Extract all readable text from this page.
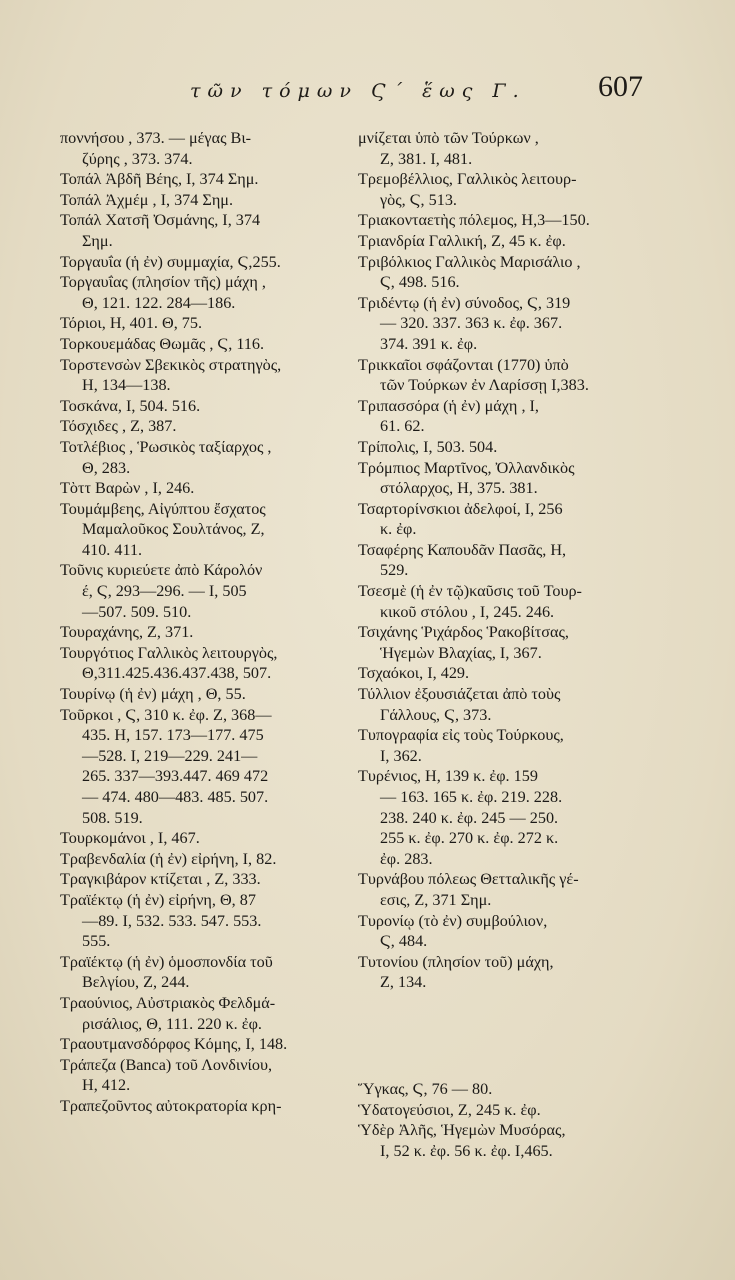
τῶν τόμων Ϛ΄ ἕως Γ. 607
ποννήσου , 373. — μέγας Βι-
ζύρης , 373. 374.
Τοπάλ Ἀβδῆ Βέης, Ι, 374 Σημ.
Τοπάλ Ἀχμέμ , Ι, 374 Σημ.
Τοπάλ Χατσῆ Ὀσμάνης, Ι, 374
Σημ.
Τοργαυΐα (ἡ ἐν) συμμαχία, Ϛ,255.
Τοργαυΐας (πλησίον τῆς) μάχη ,
Θ, 121. 122. 284—186.
Τόριοι, Η, 401. Θ, 75.
Τορκουεμάδας Θωμᾶς , Ϛ, 116.
Τορστενσὼν Σβεκικὸς στρατηγὸς,
Η, 134—138.
Τοσκάνα, Ι, 504. 516.
Τόσχιδες , Ζ, 387.
Τοτλέβιος , Ῥωσικὸς ταξίαρχος ,
Θ, 283.
Τὸττ Βαρὼν , Ι, 246.
Τουμάμβεης, Αἰγύπτου ἔσχατος
Μαμαλοῦκος Σουλτάνος, Ζ,
410. 411.
Τοῦνις κυριεύετε ἀπὸ Κάρολόν
έ, Ϛ, 293—296. — Ι, 505
—507. 509. 510.
Τουραχάνης, Ζ, 371.
Τουργότιος Γαλλικὸς λειτουργὸς,
Θ,311.425.436.437.438, 507.
Τουρίνῳ (ἡ ἐν) μάχη , Θ, 55.
Τοῦρκοι , Ϛ, 310 κ. ἐφ. Ζ, 368—
435. Η, 157. 173—177. 475
—528. Ι, 219—229. 241—
265. 337—393.447. 469 472
— 474. 480—483. 485. 507.
508. 519.
Τουρκομάνοι , Ι, 467.
Τραβενδαλία (ἡ ἐν) εἰρήνη, Ι, 82.
Τραγκιβάρον κτίζεται , Ζ, 333.
Τραϊέκτῳ (ἡ ἐν) εἰρήνη, Θ, 87
—89. Ι, 532. 533. 547. 553.
555.
Τραϊέκτῳ (ἡ ἐν) ὁμοσπονδία τοῦ
Βελγίου, Ζ, 244.
Τραούνιος, Αὐστριακὸς Φελδμά-
ρισάλιος, Θ, 111. 220 κ. ἐφ.
Τραουτμανσδόρφος Κόμης, Ι, 148.
Τράπεζα (Banca) τοῦ Λονδινίου,
Η, 412.
Τραπεζοῦντος αὐτοκρατορία κρη-
μνίζεται ὑπὸ τῶν Τούρκων ,
Ζ, 381. Ι, 481.
Τρεμοβέλλιος, Γαλλικὸς λειτουρ-
γὸς, Ϛ, 513.
Τριακονταετὴς πόλεμος, Η,3—150.
Τριανδρία Γαλλική, Ζ, 45 κ. ἐφ.
Τριβόλκιος Γαλλικὸς Μαρισάλιο ,
Ϛ, 498. 516.
Τριδέντῳ (ἡ ἐν) σύνοδος, Ϛ, 319
— 320. 337. 363 κ. ἐφ. 367.
374. 391 κ. ἐφ.
Τρικκαῖοι σφάζονται (1770) ὑπὸ
τῶν Τούρκων ἐν Λαρίσσῃ Ι,383.
Τριπασσόρα (ἡ ἐν) μάχη , Ι,
61. 62.
Τρίπολις, Ι, 503. 504.
Τρόμπιος Μαρτῖνος, Ὀλλανδικὸς
στόλαρχος, Η, 375. 381.
Τσαρτορίνσκιοι ἀδελφοί, Ι, 256
κ. ἐφ.
Τσαφέρης Καπουδᾶν Πασᾶς, Η,
529.
Τσεσμὲ (ἡ ἐν τῷ)καῦσις τοῦ Τουρ-
κικοῦ στόλου , Ι, 245. 246.
Τσιχάνης Ῥιχάρδος Ῥακοβίτσας,
Ἡγεμὼν Βλαχίας, Ι, 367.
Τσχαόκοι, Ι, 429.
Τύλλιον ἐξουσιάζεται ἀπὸ τοὺς
Γάλλους, Ϛ, 373.
Τυπογραφία εἰς τοὺς Τούρκους,
Ι, 362.
Τυρένιος, Η, 139 κ. ἐφ. 159
— 163. 165 κ. ἐφ. 219. 228.
238. 240 κ. ἐφ. 245 — 250.
255 κ. ἐφ. 270 κ. ἐφ. 272 κ.
ἐφ. 283.
Τυρνάβου πόλεως Θετταλικῆς γέ-
εσις, Ζ, 371 Σημ.
Τυρονίῳ (τὸ ἐν) συμβούλιον,
Ϛ, 484.
Τυτονίου (πλησίον τοῦ) μάχη,
Ζ, 134.
Ὕγκας, Ϛ, 76 — 80.
Ὑδατογεύσιοι, Ζ, 245 κ. ἐφ.
Ὑδὲρ Ἀλῆς, Ἡγεμὼν Μυσόρας,
Ι, 52 κ. ἐφ. 56 κ. ἐφ. Ι,465.
